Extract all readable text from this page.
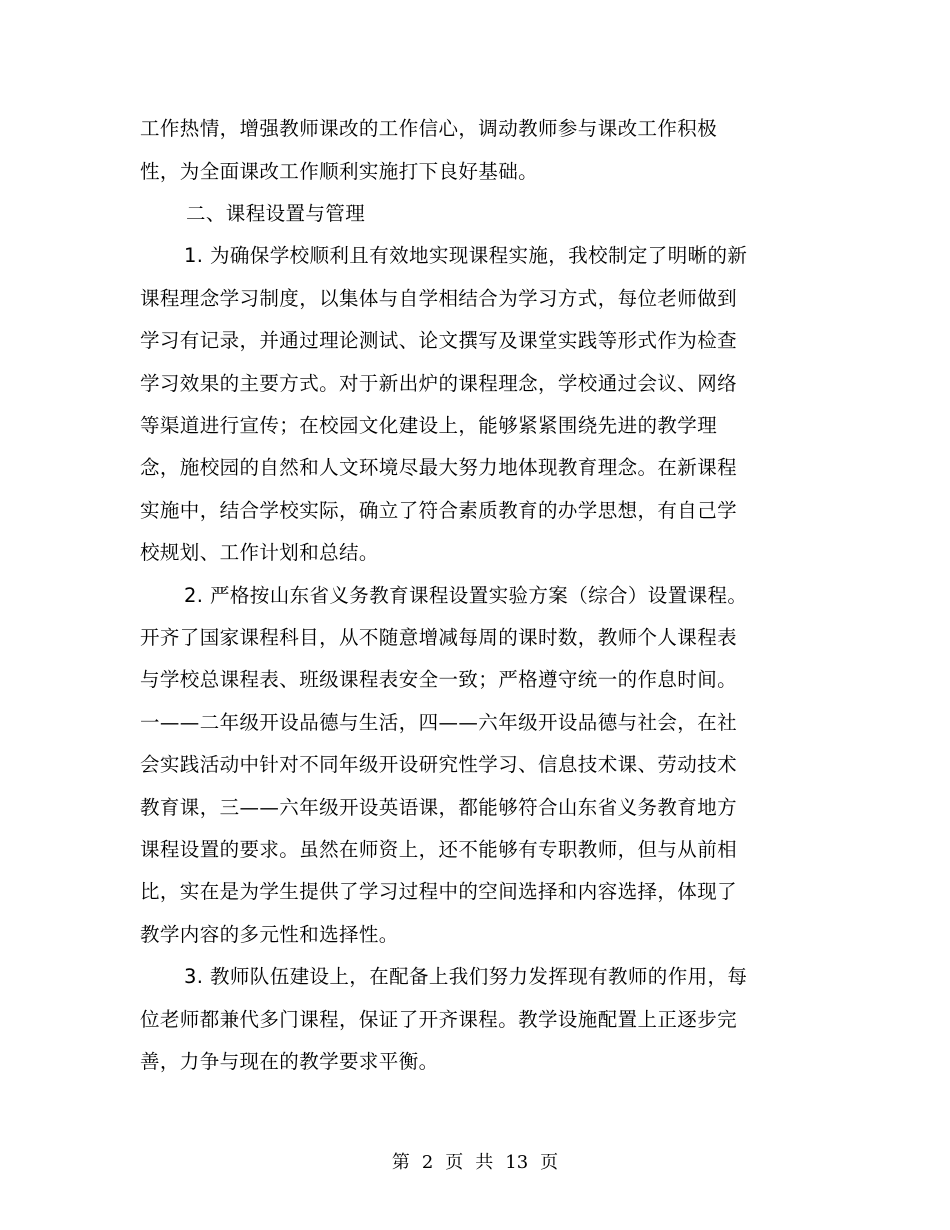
工作热情，增强教师课改的工作信心，调动教师参与课改工作积极
性，为全面课改工作顺利实施打下良好基础。
二、课程设置与管理
1. 为确保学校顺利且有效地实现课程实施，我校制定了明晰的新
课程理念学习制度，以集体与自学相结合为学习方式，每位老师做到
学习有记录，并通过理论测试、论文撰写及课堂实践等形式作为检查
学习效果的主要方式。对于新出炉的课程理念，学校通过会议、网络
等渠道进行宣传；在校园文化建设上，能够紧紧围绕先进的教学理
念，施校园的自然和人文环境尽最大努力地体现教育理念。在新课程
实施中，结合学校实际，确立了符合素质教育的办学思想，有自己学
校规划、工作计划和总结。
2. 严格按山东省义务教育课程设置实验方案（综合）设置课程。
开齐了国家课程科目，从不随意增减每周的课时数，教师个人课程表
与学校总课程表、班级课程表安全一致；严格遵守统一的作息时间。
一——二年级开设品德与生活，四——六年级开设品德与社会，在社
会实践活动中针对不同年级开设研究性学习、信息技术课、劳动技术
教育课，三——六年级开设英语课，都能够符合山东省义务教育地方
课程设置的要求。虽然在师资上，还不能够有专职教师，但与从前相
比，实在是为学生提供了学习过程中的空间选择和内容选择，体现了
教学内容的多元性和选择性。
3. 教师队伍建设上，在配备上我们努力发挥现有教师的作用，每
位老师都兼代多门课程，保证了开齐课程。教学设施配置上正逐步完
善，力争与现在的教学要求平衡。
第 2 页 共 13 页
